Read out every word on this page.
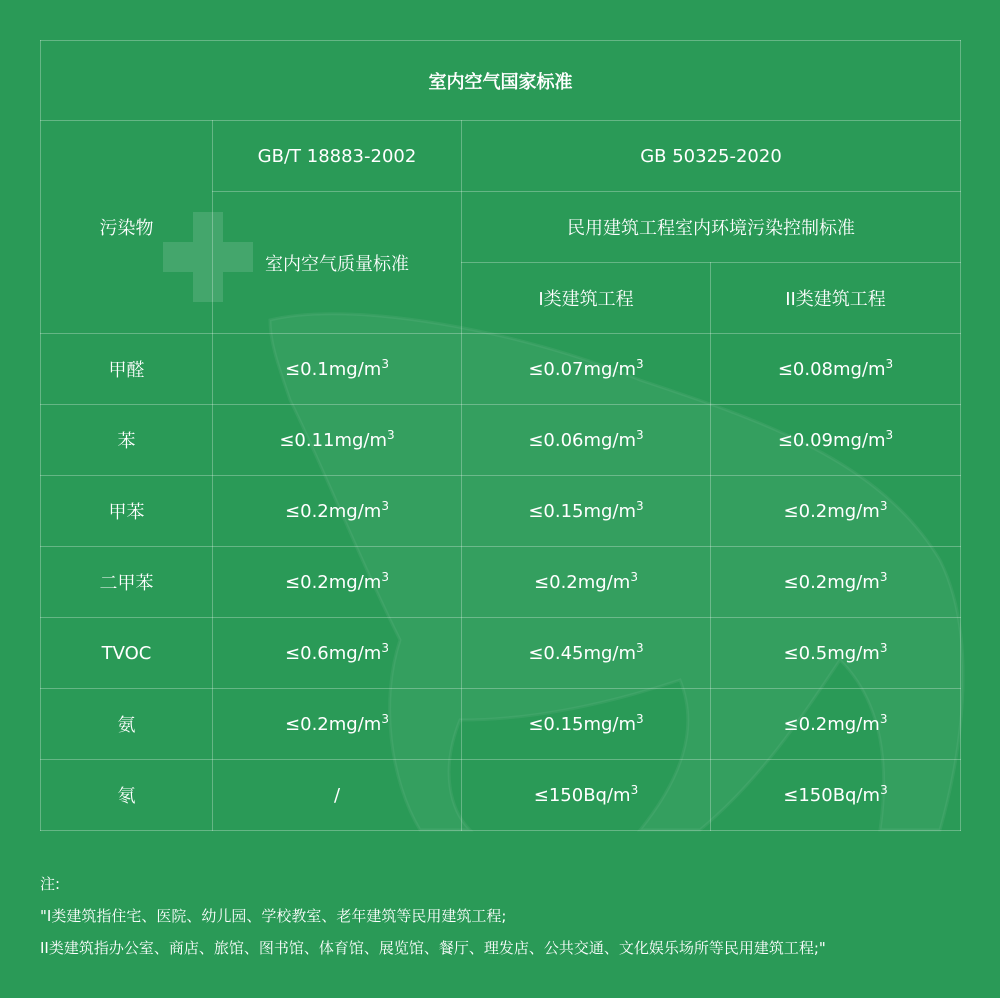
室内空气国家标准			
污染物	GB/T 18883-2002	GB 50325-2020	
	室内空气质量标准	民用建筑工程室内环境污染控制标准	
		I类建筑工程	II类建筑工程
甲醛	$\le 0.1mg/m^3$	$\le 0.07mg/m^3$	$\le 0.08mg/m^3$
苯	$\le 0.11mg/m^3$	$\le 0.06mg/m^3$	$\le 0.09mg/m^3$
甲苯	$\le 0.2mg/m^3$	$\le 0.15mg/m^3$	$\le 0.2mg/m^3$
二甲苯	$\le 0.2mg/m^3$	$\le 0.2mg/m^3$	$\le 0.2mg/m^3$
TVOC	$\le 0.6mg/m^3$	$\le 0.45mg/m^3$	$\le 0.5mg/m^3$
氨	$\le 0.2mg/m^3$	$\le 0.15mg/m^3$	$\le 0.2mg/m^3$
氡	/	$\le 150Bq/m^3$	$\le 150Bq/m^3$
注:
"I类建筑指住宅、医院、幼儿园、学校教室、老年建筑等民用建筑工程;
II类建筑指办公室、商店、旅馆、图书馆、体育馆、展览馆、餐厅、理发店、公共交通、文化娱乐场所等民用建筑工程;"
